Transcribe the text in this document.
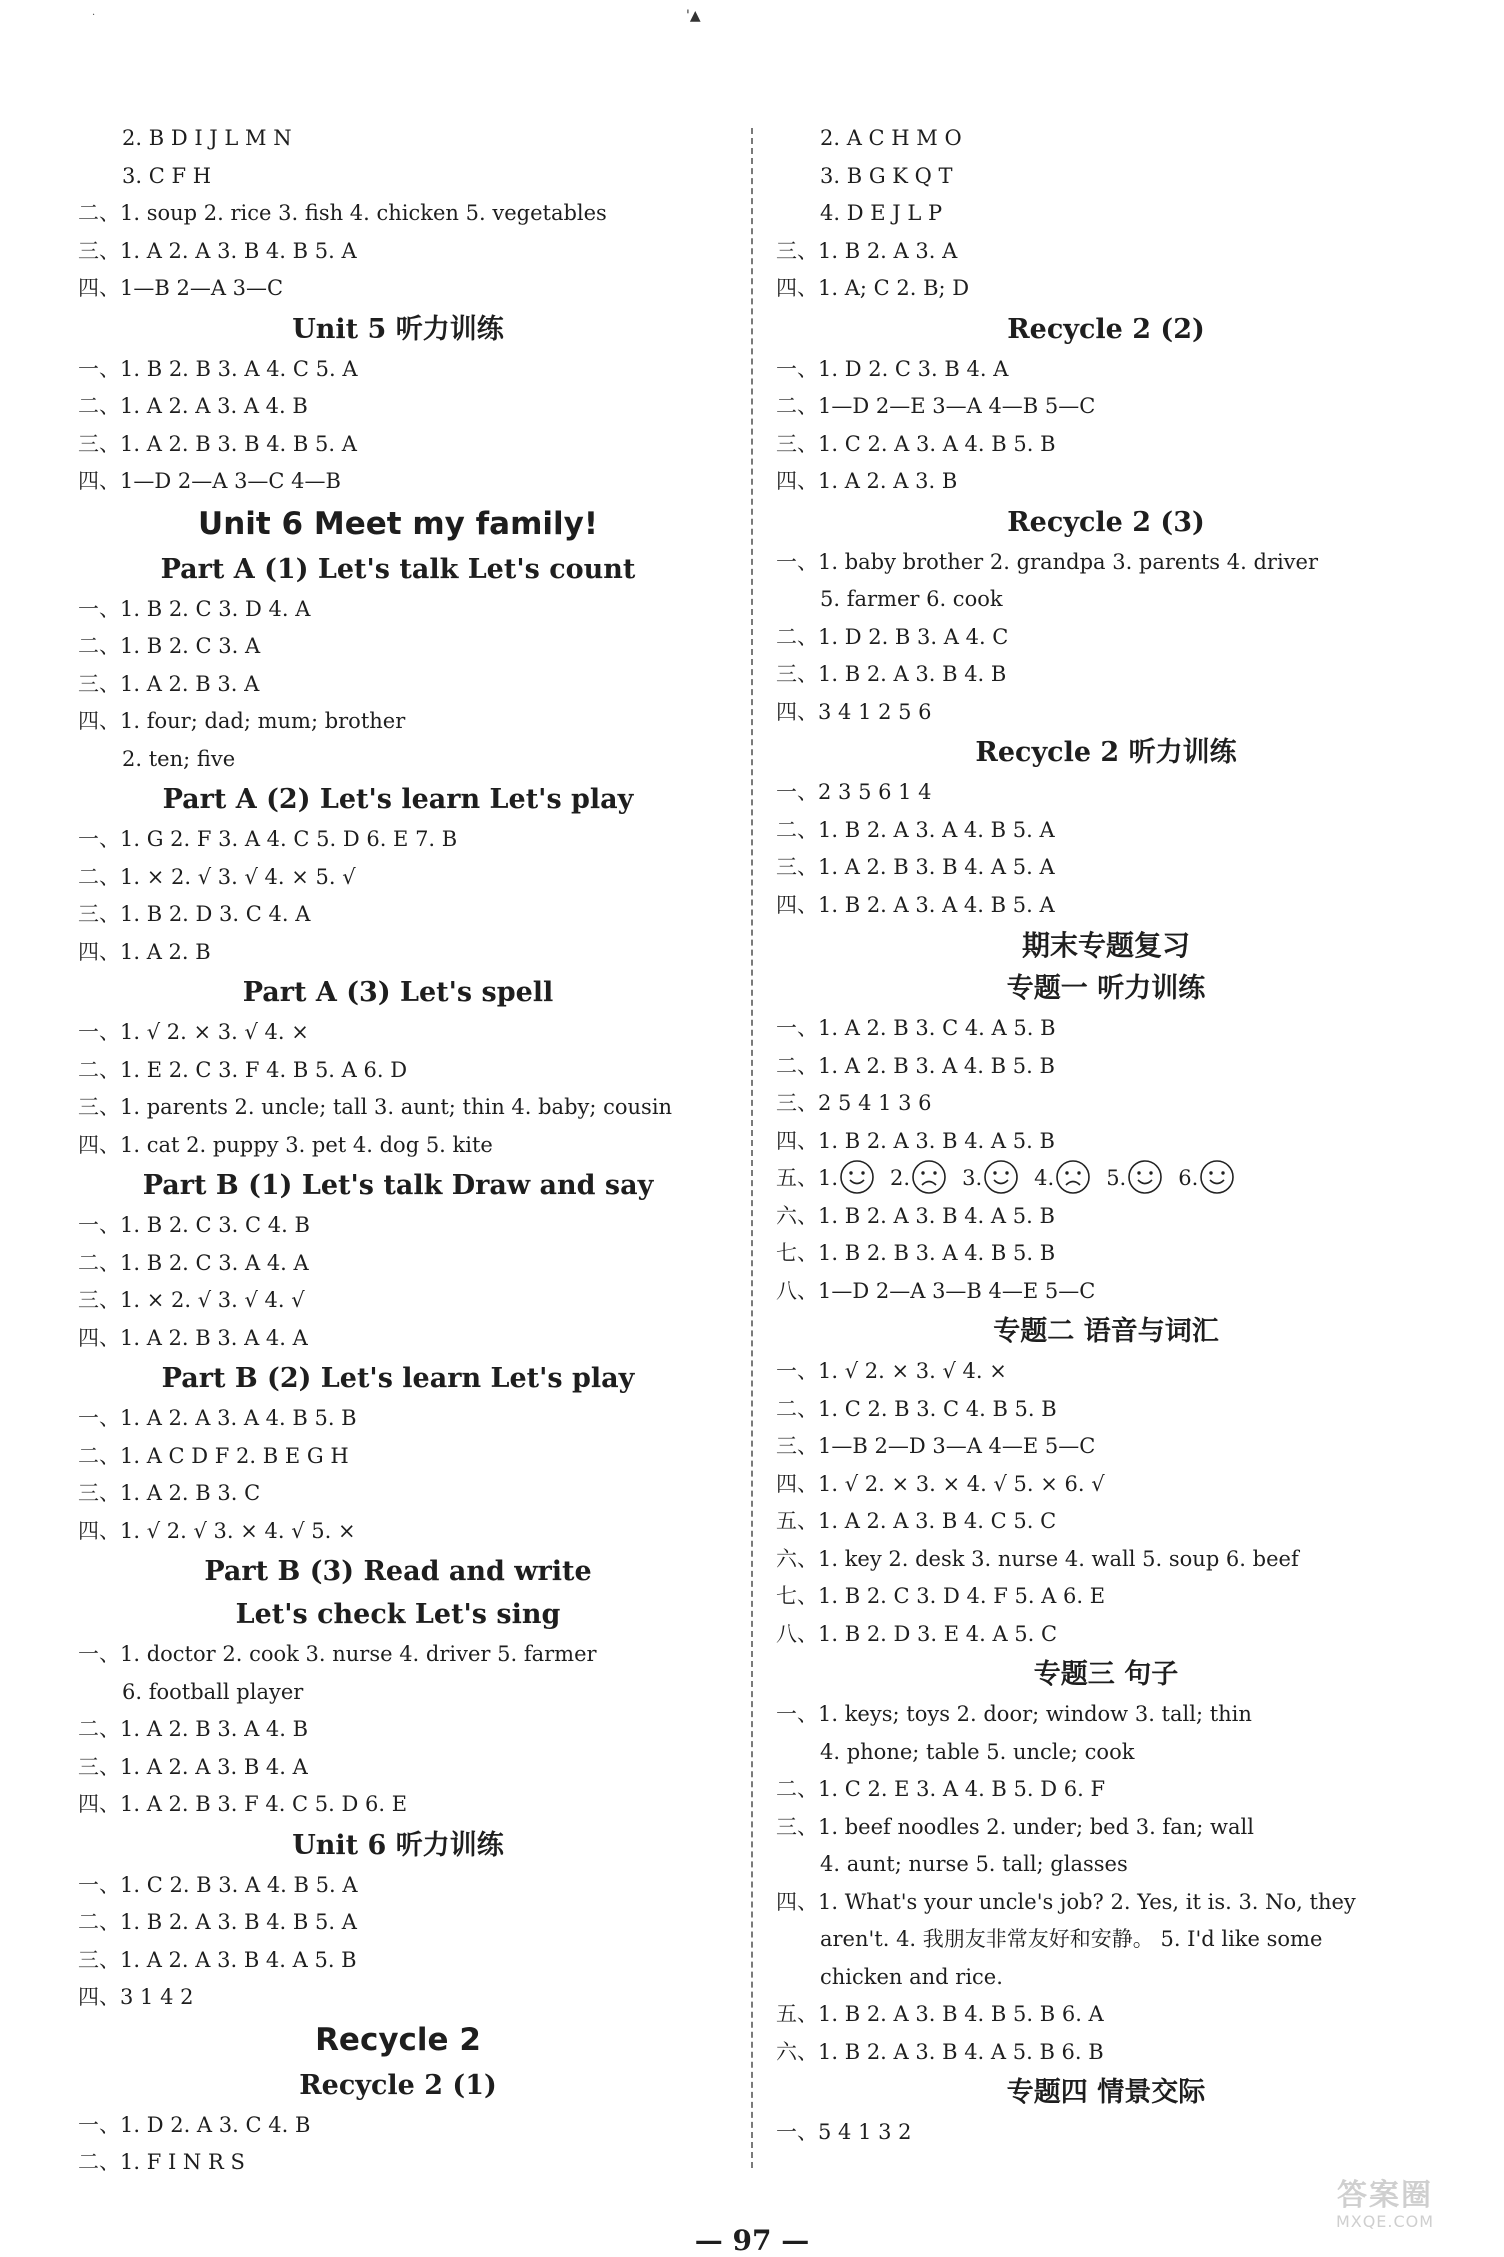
·	'▲
2. B D I J L M N
3. C F H
二、1. soup 2. rice 3. fish 4. chicken 5. vegetables
三、1. A 2. A 3. B 4. B 5. A
四、1—B 2—A 3—C
Unit 5 听力训练
一、1. B 2. B 3. A 4. C 5. A
二、1. A 2. A 3. A 4. B
三、1. A 2. B 3. B 4. B 5. A
四、1—D 2—A 3—C 4—B
Unit 6 Meet my family!
Part A (1) Let's talk Let's count
一、1. B 2. C 3. D 4. A
二、1. B 2. C 3. A
三、1. A 2. B 3. A
四、1. four; dad; mum; brother
2. ten; five
Part A (2) Let's learn Let's play
一、1. G 2. F 3. A 4. C 5. D 6. E 7. B
二、1. × 2. √ 3. √ 4. × 5. √
三、1. B 2. D 3. C 4. A
四、1. A 2. B
Part A (3) Let's spell
一、1. √ 2. × 3. √ 4. ×
二、1. E 2. C 3. F 4. B 5. A 6. D
三、1. parents 2. uncle; tall 3. aunt; thin 4. baby; cousin
四、1. cat 2. puppy 3. pet 4. dog 5. kite
Part B (1) Let's talk Draw and say
一、1. B 2. C 3. C 4. B
二、1. B 2. C 3. A 4. A
三、1. × 2. √ 3. √ 4. √
四、1. A 2. B 3. A 4. A
Part B (2) Let's learn Let's play
一、1. A 2. A 3. A 4. B 5. B
二、1. A C D F 2. B E G H
三、1. A 2. B 3. C
四、1. √ 2. √ 3. × 4. √ 5. ×
Part B (3) Read and write
Let's check Let's sing
一、1. doctor 2. cook 3. nurse 4. driver 5. farmer
6. football player
二、1. A 2. B 3. A 4. B
三、1. A 2. A 3. B 4. A
四、1. A 2. B 3. F 4. C 5. D 6. E
Unit 6 听力训练
一、1. C 2. B 3. A 4. B 5. A
二、1. B 2. A 3. B 4. B 5. A
三、1. A 2. A 3. B 4. A 5. B
四、3 1 4 2
Recycle 2
Recycle 2 (1)
一、1. D 2. A 3. C 4. B
二、1. F I N R S
2. A C H M O
3. B G K Q T
4. D E J L P
三、1. B 2. A 3. A
四、1. A; C 2. B; D
Recycle 2 (2)
一、1. D 2. C 3. B 4. A
二、1—D 2—E 3—A 4—B 5—C
三、1. C 2. A 3. A 4. B 5. B
四、1. A 2. A 3. B
Recycle 2 (3)
一、1. baby brother 2. grandpa 3. parents 4. driver
5. farmer 6. cook
二、1. D 2. B 3. A 4. C
三、1. B 2. A 3. B 4. B
四、3 4 1 2 5 6
Recycle 2 听力训练
一、2 3 5 6 1 4
二、1. B 2. A 3. A 4. B 5. A
三、1. A 2. B 3. B 4. A 5. A
四、1. B 2. A 3. A 4. B 5. A
期末专题复习
专题一 听力训练
一、1. A 2. B 3. C 4. A 5. B
二、1. A 2. B 3. A 4. B 5. B
三、2 5 4 1 3 6
四、1. B 2. A 3. B 4. A 5. B
五、 1. 2. 3. 4. 5. 6.
六、1. B 2. A 3. B 4. A 5. B
七、1. B 2. B 3. A 4. B 5. B
八、1—D 2—A 3—B 4—E 5—C
专题二 语音与词汇
一、1. √ 2. × 3. √ 4. ×
二、1. C 2. B 3. C 4. B 5. B
三、1—B 2—D 3—A 4—E 5—C
四、1. √ 2. × 3. × 4. √ 5. × 6. √
五、1. A 2. A 3. B 4. C 5. C
六、1. key 2. desk 3. nurse 4. wall 5. soup 6. beef
七、1. B 2. C 3. D 4. F 5. A 6. E
八、1. B 2. D 3. E 4. A 5. C
专题三 句子
一、1. keys; toys 2. door; window 3. tall; thin
4. phone; table 5. uncle; cook
二、1. C 2. E 3. A 4. B 5. D 6. F
三、1. beef noodles 2. under; bed 3. fan; wall
4. aunt; nurse 5. tall; glasses
四、1. What's your uncle's job? 2. Yes, it is. 3. No, they
aren't. 4. 我朋友非常友好和安静。 5. I'd like some
chicken and rice.
五、1. B 2. A 3. B 4. B 5. B 6. A
六、1. B 2. A 3. B 4. A 5. B 6. B
专题四 情景交际
一、5 4 1 3 2
— 97 —
答案圈
MXQE.COM
